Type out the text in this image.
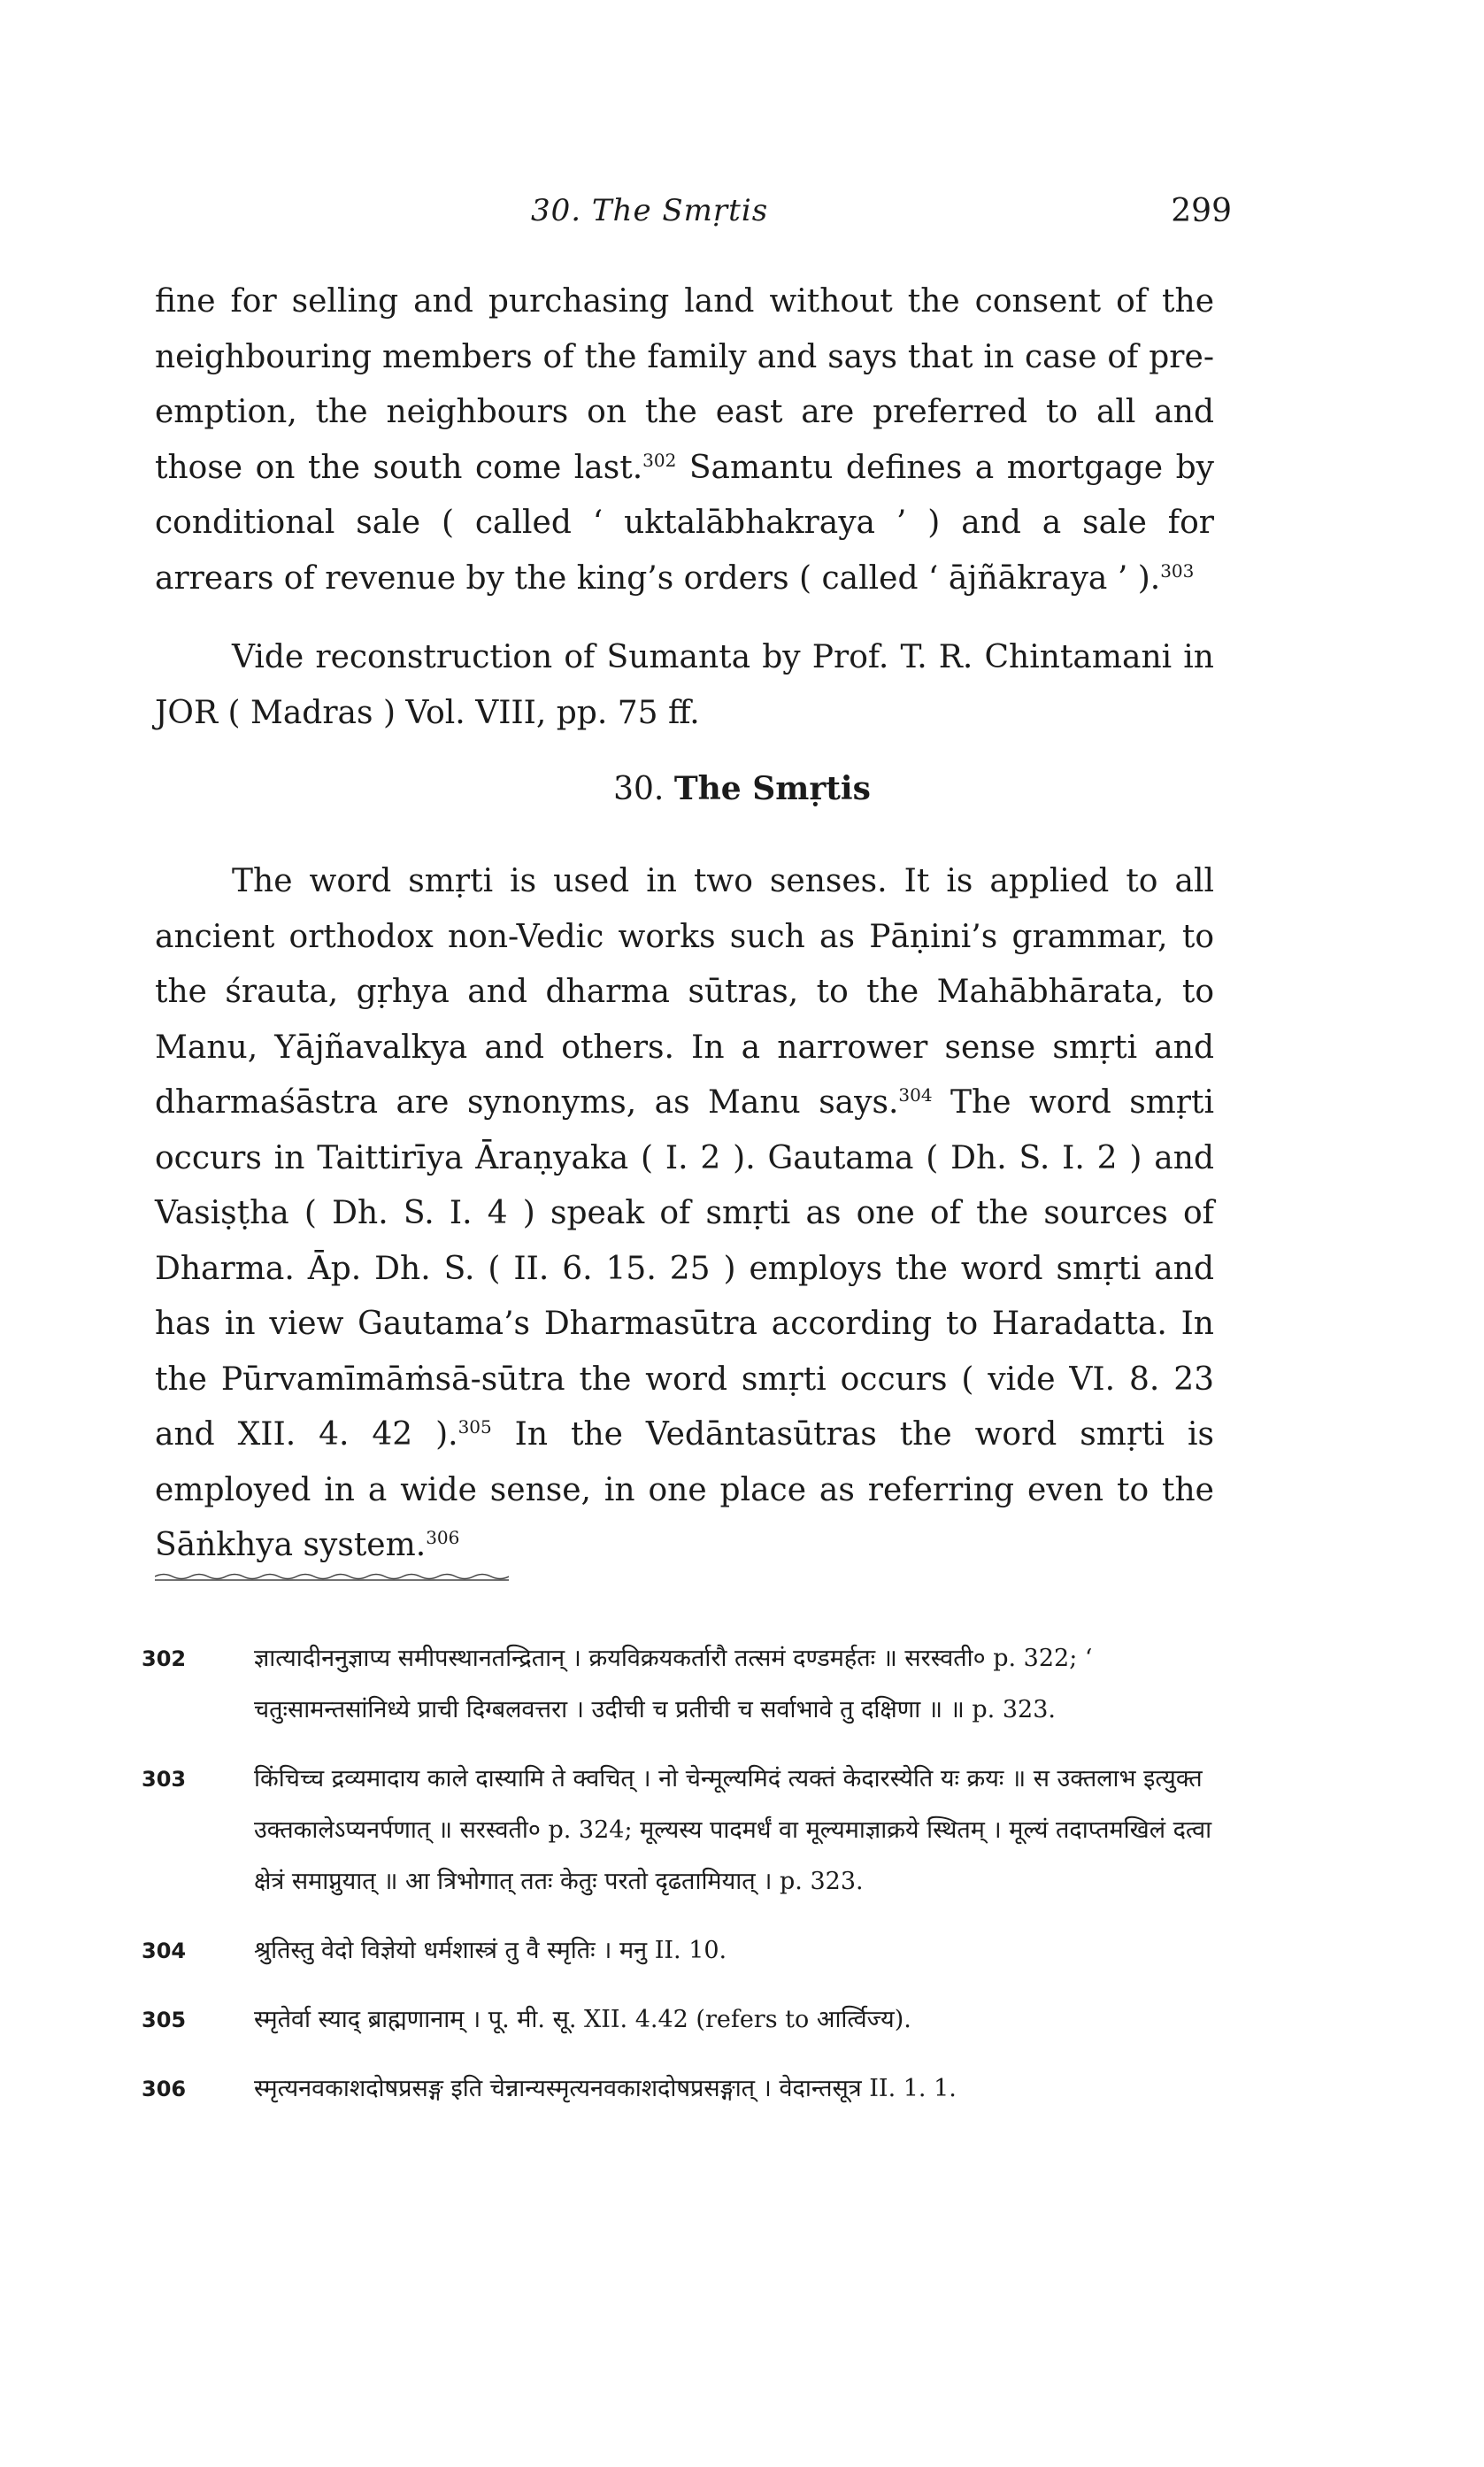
30. The Smṛtis	299
fine for selling and purchasing land without the consent of the neighbouring members of the family and says that in case of pre-emption, the neighbours on the east are preferred to all and those on the south come last.$^{302}$ Samantu defines a mortgage by conditional sale ( called ‘ uktalābhakraya ’ ) and a sale for arrears of revenue by the king’s orders ( called ‘ ājñākraya ’ ).$^{303}$
Vide reconstruction of Sumanta by Prof. T. R. Chintamani in JOR ( Madras ) Vol. VIII, pp. 75 ff.
30. The Smṛtis
The word smṛti is used in two senses. It is applied to all ancient orthodox non-Vedic works such as Pāṇini’s grammar, to the śrauta, gṛhya and dharma sūtras, to the Mahābhārata, to Manu, Yājñavalkya and others. In a narrower sense smṛti and dharmaśāstra are synonyms, as Manu says.$^{304}$ The word smṛti occurs in Taittirīya Āraṇyaka ( I. 2 ). Gautama ( Dh. S. I. 2 ) and Vasiṣṭha ( Dh. S. I. 4 ) speak of smṛti as one of the sources of Dharma. Āp. Dh. S. ( II. 6. 15. 25 ) employs the word smṛti and has in view Gautama’s Dharmasūtra according to Haradatta. In the Pūrvamīmāṁsā-sūtra the word smṛti occurs ( vide VI. 8. 23 and XII. 4. 42 ).$^{305}$ In the Vedāntasūtras the word smṛti is employed in a wide sense, in one place as referring even to the Sāṅkhya system.$^{306}$
302	ज्ञात्यादीननुज्ञाप्य समीपस्थानतन्द्रितान् । क्रयविक्रयकर्तारौ तत्समं दण्डमर्हतः ॥ सरस्वती० p. 322; ‘ चतुःसामन्तसांनिध्ये प्राची दिग्बलवत्तरा । उदीची च प्रतीची च सर्वाभावे तु दक्षिणा ॥ ॥ p. 323.
303	किंचिच्च द्रव्यमादाय काले दास्यामि ते क्वचित् । नो चेन्मूल्यमिदं त्यक्तं केदारस्येति यः क्रयः ॥ स उक्तलाभ इत्युक्त उक्तकालेऽप्यनर्पणात् ॥ सरस्वती० p. 324; मूल्यस्य पादमर्धं वा मूल्यमाज्ञाक्रये स्थितम् । मूल्यं तदाप्तमखिलं दत्वा क्षेत्रं समाप्नुयात् ॥ आ त्रिभोगात् ततः केतुः परतो दृढतामियात् । p. 323.
304	श्रुतिस्तु वेदो विज्ञेयो धर्मशास्त्रं तु वै स्मृतिः । मनु II. 10.
305	स्मृतेर्वा स्याद् ब्राह्मणानाम् । पू. मी. सू. XII. 4.42 (refers to आर्त्विज्य).
306	स्मृत्यनवकाशदोषप्रसङ्ग इति चेन्नान्यस्मृत्यनवकाशदोषप्रसङ्गात् । वेदान्तसूत्र II. 1. 1.
